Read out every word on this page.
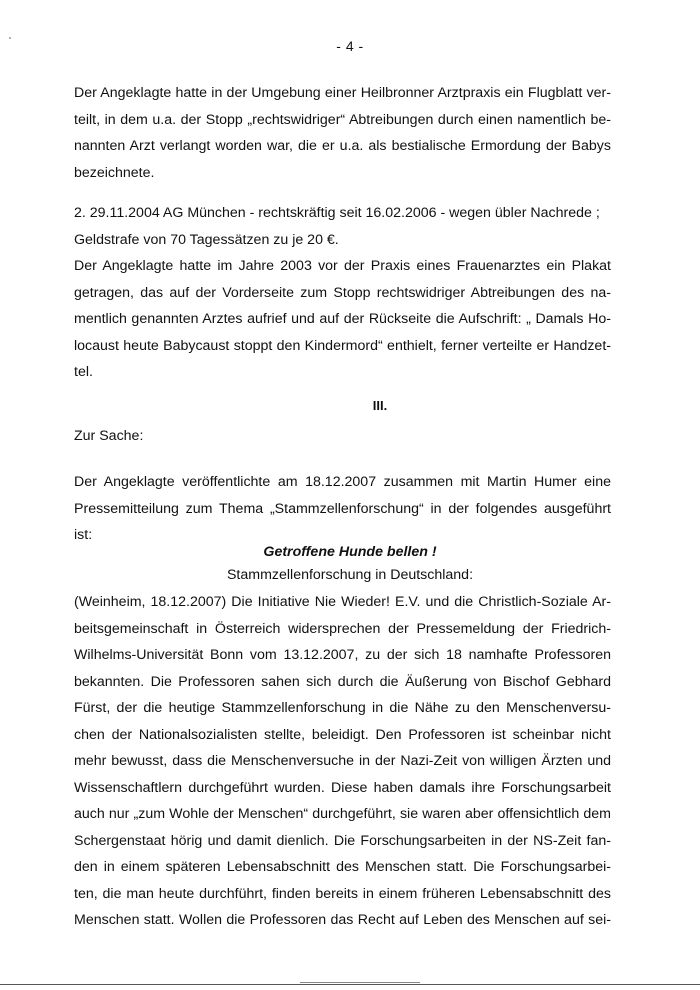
- 4 -
Der Angeklagte hatte in der Umgebung einer Heilbronner Arztpraxis ein Flugblatt ver-
teilt, in dem u.a. der Stopp „rechtswidriger“ Abtreibungen durch einen namentlich be-
nannten Arzt verlangt worden war, die er u.a. als bestialische Ermordung der Babys
bezeichnete.
2. 29.11.2004 AG München - rechtskräftig seit 16.02.2006 - wegen übler Nachrede ;
Geldstrafe von 70 Tagessätzen zu je 20 €.
Der Angeklagte hatte im Jahre 2003 vor der Praxis eines Frauenarztes ein Plakat
getragen, das auf der Vorderseite zum Stopp rechtswidriger Abtreibungen des na-
mentlich genannten Arztes aufrief und auf der Rückseite die Aufschrift: „ Damals Ho-
locaust heute Babycaust stoppt den Kindermord“ enthielt, ferner verteilte er Handzet-
tel.
III.
Zur Sache:
Der Angeklagte veröffentlichte am 18.12.2007 zusammen mit Martin Humer eine
Pressemitteilung zum Thema „Stammzellenforschung“ in der folgendes ausgeführt
ist:
Getroffene Hunde bellen !
Stammzellenforschung in Deutschland:
(Weinheim, 18.12.2007) Die Initiative Nie Wieder! E.V. und die Christlich-Soziale Ar-
beitsgemeinschaft in Österreich widersprechen der Pressemeldung der Friedrich-
Wilhelms-Universität Bonn vom 13.12.2007, zu der sich 18 namhafte Professoren
bekannten. Die Professoren sahen sich durch die Äußerung von Bischof Gebhard
Fürst, der die heutige Stammzellenforschung in die Nähe zu den Menschenversu-
chen der Nationalsozialisten stellte, beleidigt. Den Professoren ist scheinbar nicht
mehr bewusst, dass die Menschenversuche in der Nazi-Zeit von willigen Ärzten und
Wissenschaftlern durchgeführt wurden. Diese haben damals ihre Forschungsarbeit
auch nur „zum Wohle der Menschen“ durchgeführt, sie waren aber offensichtlich dem
Schergenstaat hörig und damit dienlich. Die Forschungsarbeiten in der NS-Zeit fan-
den in einem späteren Lebensabschnitt des Menschen statt. Die Forschungsarbei-
ten, die man heute durchführt, finden bereits in einem früheren Lebensabschnitt des
Menschen statt. Wollen die Professoren das Recht auf Leben des Menschen auf sei-
